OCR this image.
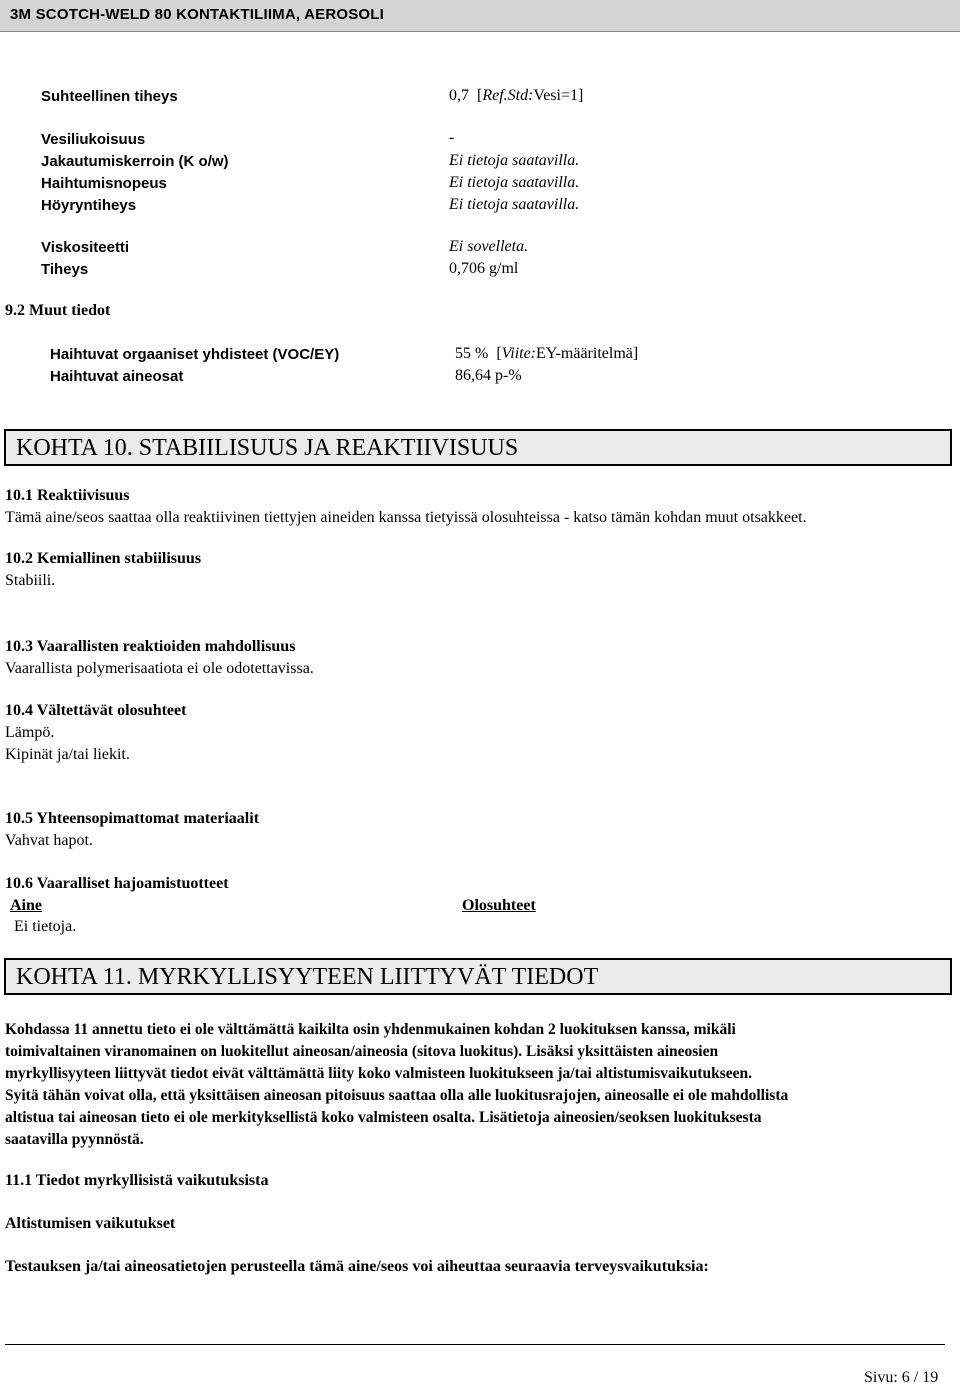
3M SCOTCH-WELD 80 KONTAKTILIIMA, AEROSOLI
Suhteellinen tiheys	0,7 [Ref.Std:Vesi=1]
Vesiliukoisuus	-
Jakautumiskerroin (K o/w)	Ei tietoja saatavilla.
Haihtumisnopeus	Ei tietoja saatavilla.
Höyryntiheys	Ei tietoja saatavilla.
Viskositeetti	Ei sovelleta.
Tiheys	0,706 g/ml
9.2 Muut tiedot
Haihtuvat orgaaniset yhdisteet (VOC/EY)	55 % [Viite:EY-määritelmä]
Haihtuvat aineosat	86,64 p-%
KOHTA 10. STABIILISUUS JA REAKTIIVISUUS
10.1 Reaktiivisuus
Tämä aine/seos saattaa olla reaktiivinen tiettyjen aineiden kanssa tietyissä olosuhteissa - katso tämän kohdan muut otsakkeet.
10.2 Kemiallinen stabiilisuus
Stabiili.
10.3 Vaarallisten reaktioiden mahdollisuus
Vaarallista polymerisaatiota ei ole odotettavissa.
10.4 Vältettävät olosuhteet
Lämpö.
Kipinät ja/tai liekit.
10.5 Yhteensopimattomat materiaalit
Vahvat hapot.
10.6 Vaaralliset hajoamistuotteet
Aine	Olosuhteet
Ei tietoja.
KOHTA 11. MYRKYLLISYYTEEN LIITTYVÄT TIEDOT
Kohdassa 11 annettu tieto ei ole välttämättä kaikilta osin yhdenmukainen kohdan 2 luokituksen kanssa, mikäli
toimivaltainen viranomainen on luokitellut aineosan/aineosia (sitova luokitus). Lisäksi yksittäisten aineosien
myrkyllisyyteen liittyvät tiedot eivät välttämättä liity koko valmisteen luokitukseen ja/tai altistumisvaikutukseen.
Syitä tähän voivat olla, että yksittäisen aineosan pitoisuus saattaa olla alle luokitusrajojen, aineosalle ei ole mahdollista
altistua tai aineosan tieto ei ole merkityksellistä koko valmisteen osalta. Lisätietoja aineosien/seoksen luokituksesta
saatavilla pyynnöstä.
11.1 Tiedot myrkyllisistä vaikutuksista
Altistumisen vaikutukset
Testauksen ja/tai aineosatietojen perusteella tämä aine/seos voi aiheuttaa seuraavia terveysvaikutuksia:
Sivu: 6 / 19
